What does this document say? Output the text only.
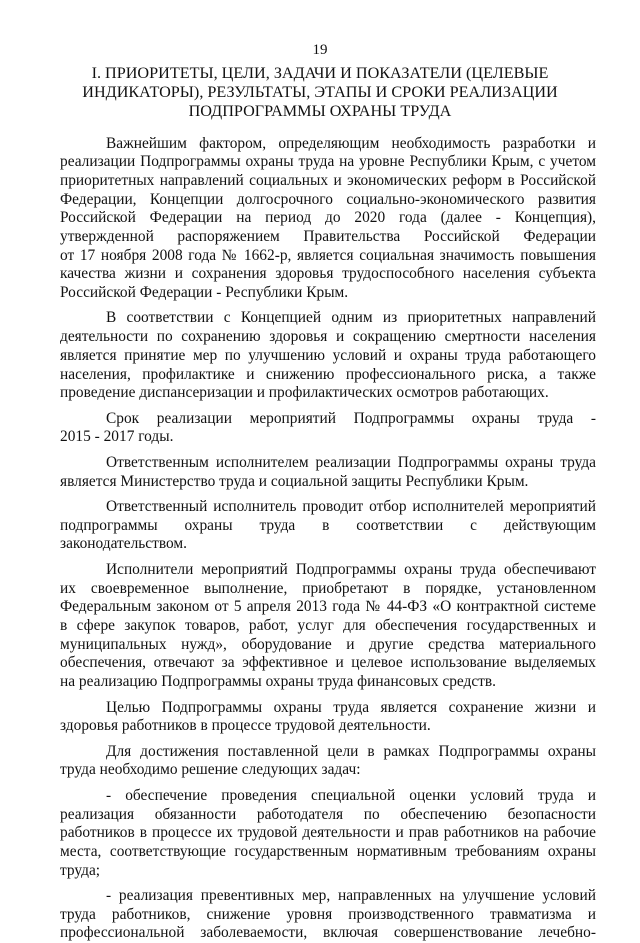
19
I. ПРИОРИТЕТЫ, ЦЕЛИ, ЗАДАЧИ И ПОКАЗАТЕЛИ (ЦЕЛЕВЫЕ
ИНДИКАТОРЫ), РЕЗУЛЬТАТЫ, ЭТАПЫ И СРОКИ РЕАЛИЗАЦИИ
ПОДПРОГРАММЫ ОХРАНЫ ТРУДА
Важнейшим фактором, определяющим необходимость разработки и
реализации Подпрограммы охраны труда на уровне Республики Крым, с учетом
приоритетных направлений социальных и экономических реформ в Российской
Федерации, Концепции долгосрочного социально-экономического развития
Российской Федерации на период до 2020 года (далее - Концепция),
утвержденной распоряжением Правительства Российской Федерации
от 17 ноября 2008 года № 1662-р, является социальная значимость повышения
качества жизни и сохранения здоровья трудоспособного населения субъекта
Российской Федерации - Республики Крым.
В соответствии с Концепцией одним из приоритетных направлений
деятельности по сохранению здоровья и сокращению смертности населения
является принятие мер по улучшению условий и охраны труда работающего
населения, профилактике и снижению профессионального риска, а также
проведение диспансеризации и профилактических осмотров работающих.
Срок реализации мероприятий Подпрограммы охраны труда -
2015 - 2017 годы.
Ответственным исполнителем реализации Подпрограммы охраны труда
является Министерство труда и социальной защиты Республики Крым.
Ответственный исполнитель проводит отбор исполнителей мероприятий
подпрограммы охраны труда в соответствии с действующим
законодательством.
Исполнители мероприятий Подпрограммы охраны труда обеспечивают
их своевременное выполнение, приобретают в порядке, установленном
Федеральным законом от 5 апреля 2013 года № 44-ФЗ «О контрактной системе
в сфере закупок товаров, работ, услуг для обеспечения государственных и
муниципальных нужд», оборудование и другие средства материального
обеспечения, отвечают за эффективное и целевое использование выделяемых
на реализацию Подпрограммы охраны труда финансовых средств.
Целью Подпрограммы охраны труда является сохранение жизни и
здоровья работников в процессе трудовой деятельности.
Для достижения поставленной цели в рамках Подпрограммы охраны
труда необходимо решение следующих задач:
- обеспечение проведения специальной оценки условий труда и
реализация обязанности работодателя по обеспечению безопасности
работников в процессе их трудовой деятельности и прав работников на рабочие
места, соответствующие государственным нормативным требованиям охраны
труда;
- реализация превентивных мер, направленных на улучшение условий
труда работников, снижение уровня производственного травматизма и
профессиональной заболеваемости, включая совершенствование лечебно-
